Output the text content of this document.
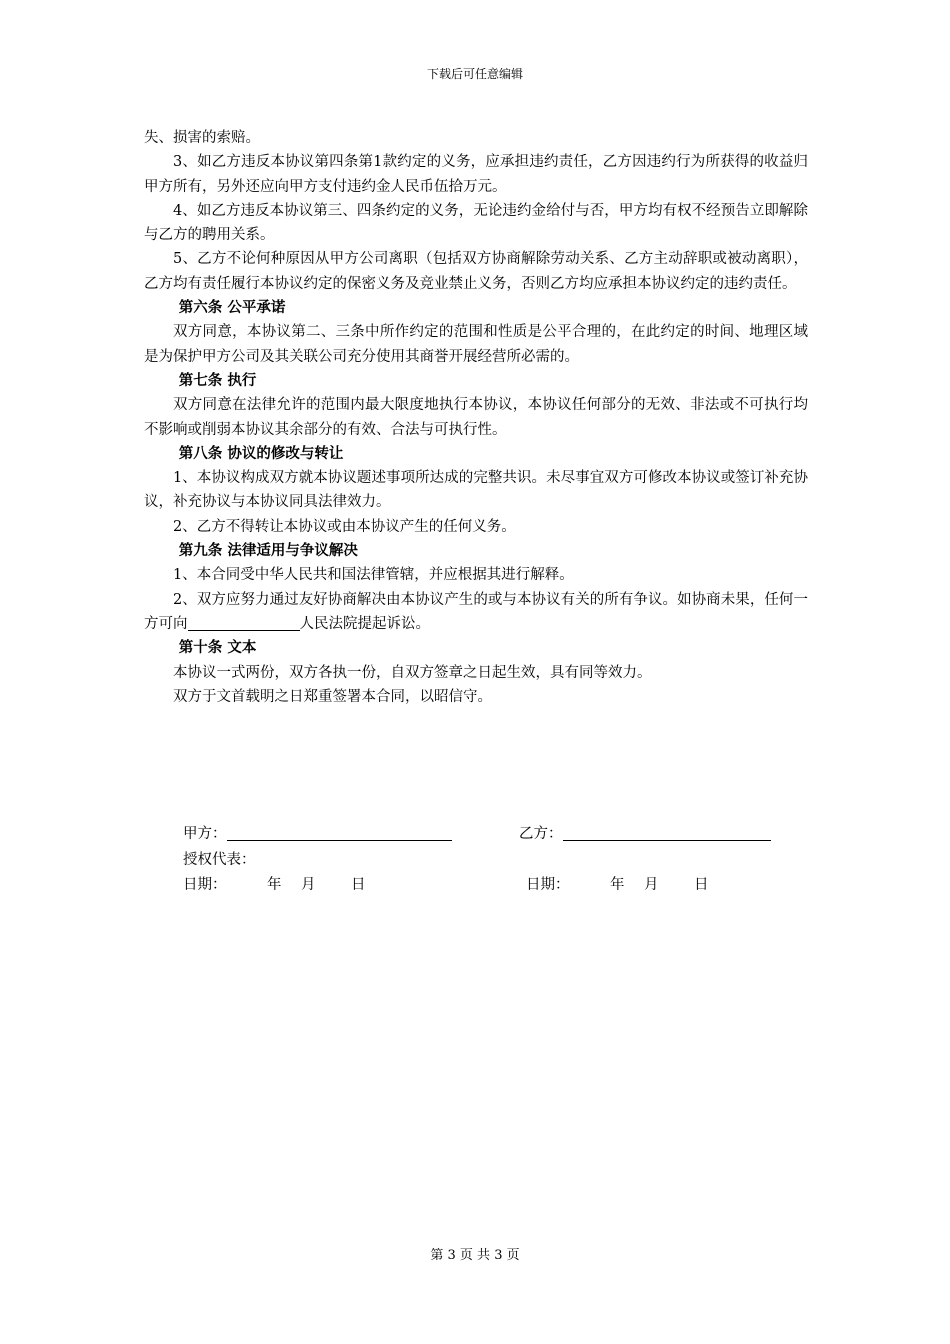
下载后可任意编辑

失、损害的索赔。

3、如乙方违反本协议第四条第1款约定的义务，应承担违约责任，乙方因违约行为所获得的收益归甲方所有，另外还应向甲方支付违约金人民币伍拾万元。

4、如乙方违反本协议第三、四条约定的义务，无论违约金给付与否，甲方均有权不经预告立即解除与乙方的聘用关系。

5、乙方不论何种原因从甲方公司离职（包括双方协商解除劳动关系、乙方主动辞职或被动离职），乙方均有责任履行本协议约定的保密义务及竞业禁止义务，否则乙方均应承担本协议约定的违约责任。

第六条 公平承诺

双方同意，本协议第二、三条中所作约定的范围和性质是公平合理的，在此约定的时间、地理区域是为保护甲方公司及其关联公司充分使用其商誉开展经营所必需的。

第七条 执行

双方同意在法律允许的范围内最大限度地执行本协议，本协议任何部分的无效、非法或不可执行均不影响或削弱本协议其余部分的有效、合法与可执行性。

第八条 协议的修改与转让

1、本协议构成双方就本协议题述事项所达成的完整共识。未尽事宜双方可修改本协议或签订补充协议，补充协议与本协议同具法律效力。

2、乙方不得转让本协议或由本协议产生的任何义务。

第九条 法律适用与争议解决

1、本合同受中华人民共和国法律管辖，并应根据其进行解释。

2、双方应努力通过友好协商解决由本协议产生的或与本协议有关的所有争议。如协商未果，任何一方可向	人民法院提起诉讼。

第十条 文本

本协议一式两份，双方各执一份，自双方签章之日起生效，具有同等效力。

双方于文首载明之日郑重签署本合同，以昭信守。

甲方：	乙方：
授权代表：
日期：	年 月 日	日期：	年 月 日
第 3 页 共 3 页
